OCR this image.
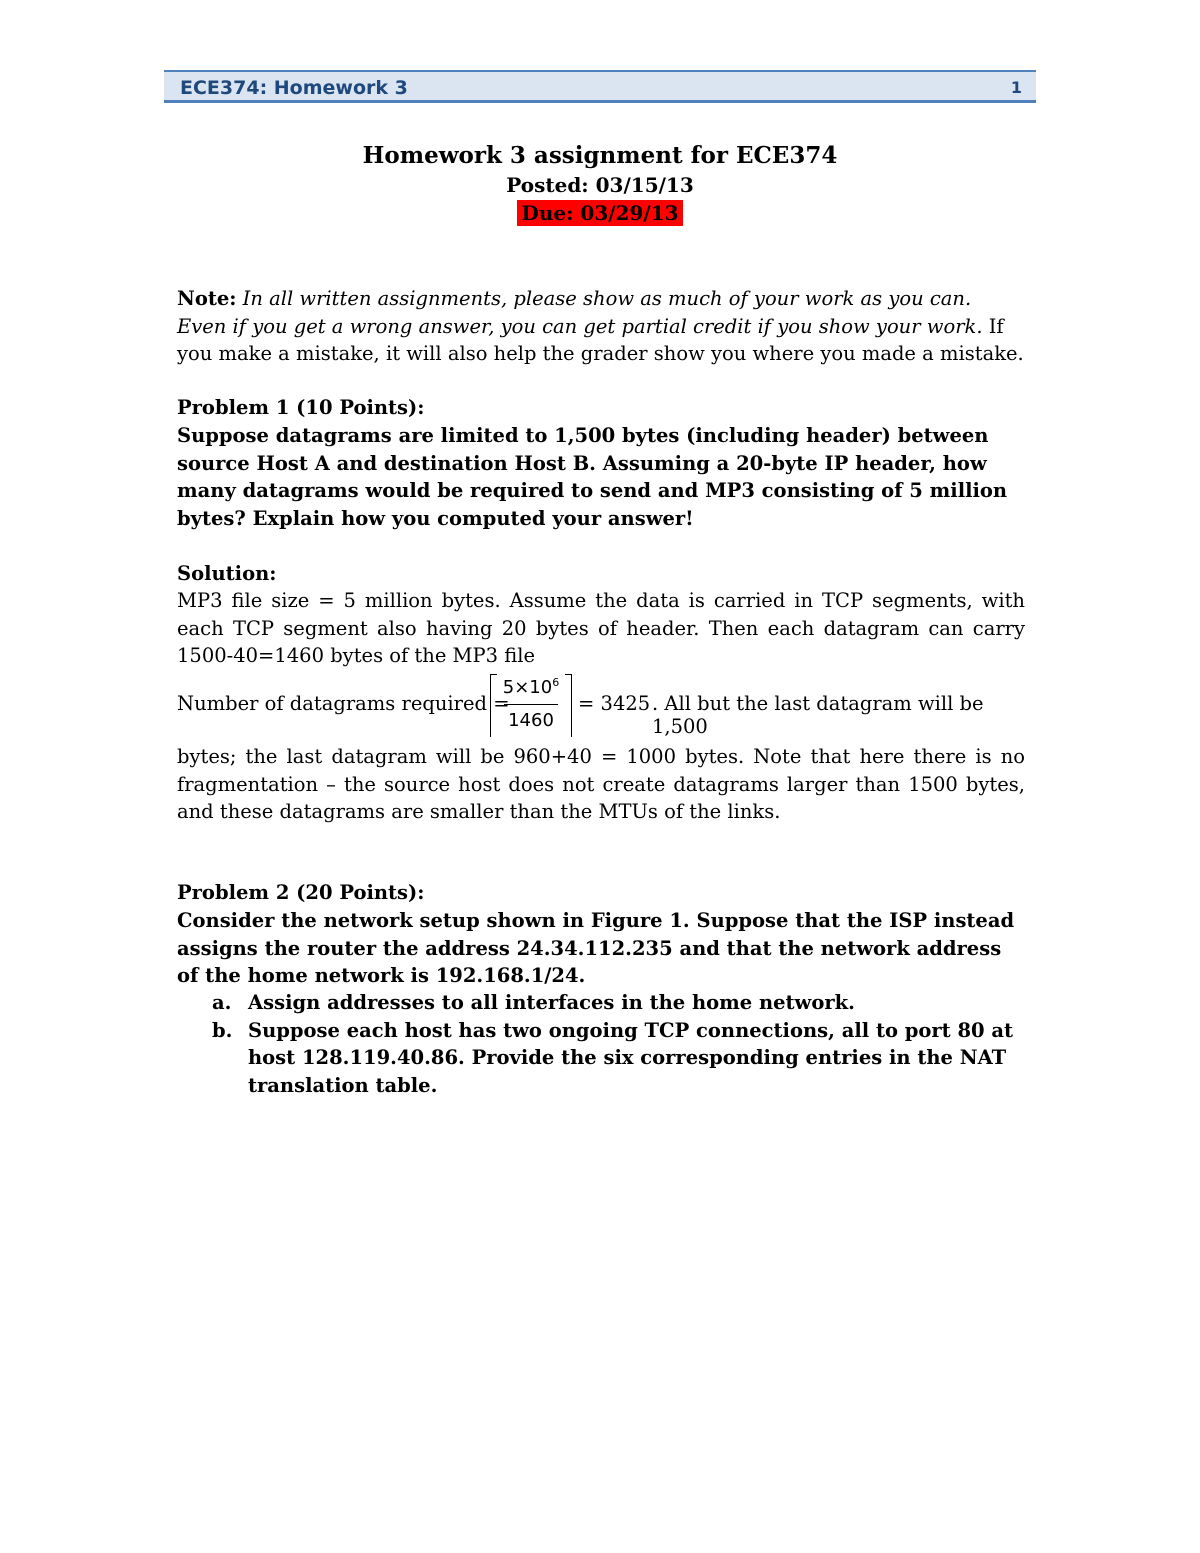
ECE374: Homework 3	1
Homework 3 assignment for ECE374
Posted: 03/15/13
Due: 03/29/13

Note: In all written assignments, please show as much of your work as you can. Even if you get a wrong answer, you can get partial credit if you show your work. If you make a mistake, it will also help the grader show you where you made a mistake.

Problem 1 (10 Points):
Suppose datagrams are limited to 1,500 bytes (including header) between source Host A and destination Host B. Assuming a 20-byte IP header, how many datagrams would be required to send and MP3 consisting of 5 million bytes? Explain how you computed your answer!
Solution:
MP3 file size = 5 million bytes. Assume the data is carried in TCP segments, with each TCP segment also having 20 bytes of header. Then each datagram can carry 1500-40=1460 bytes of the MP3 file
Number of datagrams required =
$5\times 10^6$
1460
= 3425 . All but the last datagram will be 1,500
bytes; the last datagram will be 960+40 = 1000 bytes. Note that here there is no fragmentation – the source host does not create datagrams larger than 1500 bytes, and these datagrams are smaller than the MTUs of the links.
Problem 2 (20 Points):
Consider the network setup shown in Figure 1. Suppose that the ISP instead assigns the router the address 24.34.112.235 and that the network address of the home network is 192.168.1/24.
a. Assign addresses to all interfaces in the home network.
b. Suppose each host has two ongoing TCP connections, all to port 80 at host 128.119.40.86. Provide the six corresponding entries in the NAT translation table.
